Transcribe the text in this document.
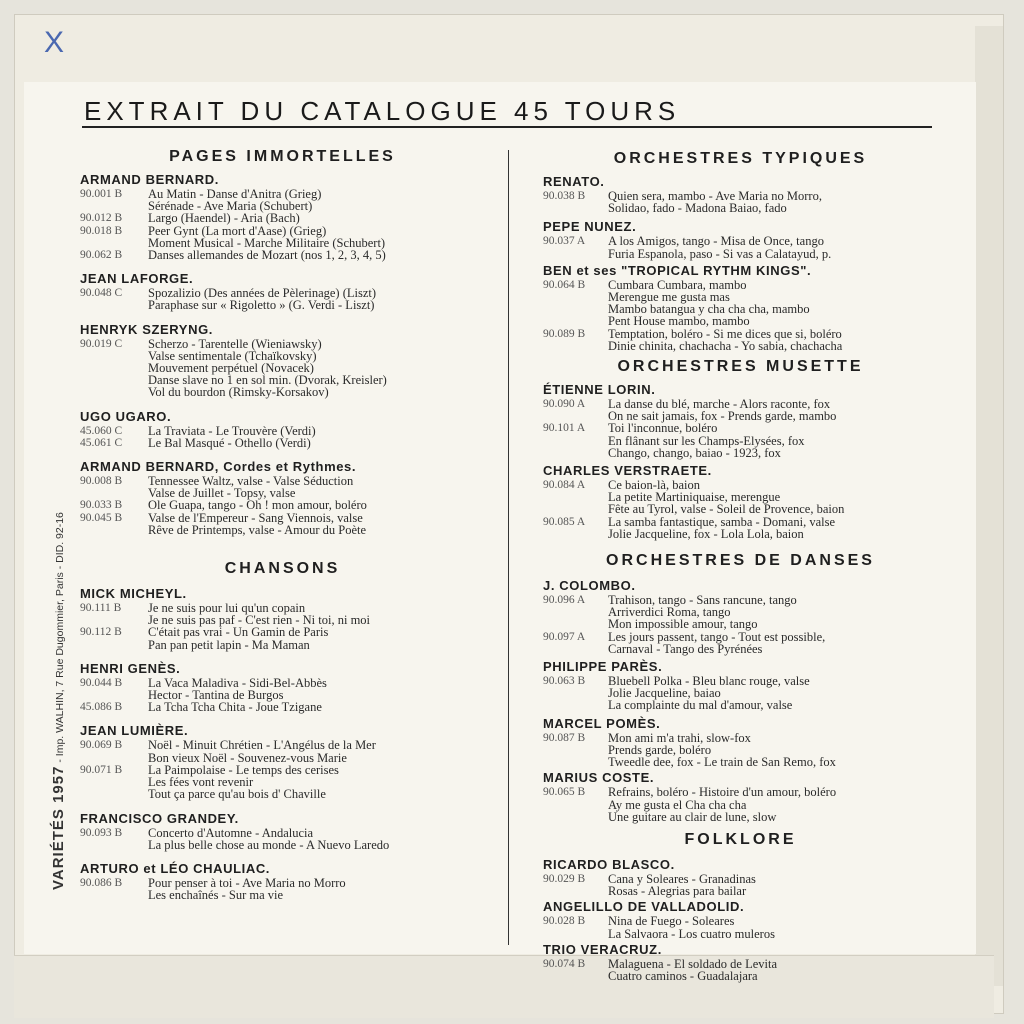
X
EXTRAIT DU CATALOGUE 45 TOURS
VARIÉTÉS 1957 - Imp. WALHIN, 7 Rue Dugommier, Paris - DID. 92-16
PAGES IMMORTELLES

ARMAND BERNARD.

90.001 B Au Matin - Danse d'Anitra (Grieg)
Sérénade - Ave Maria (Schubert)
90.012 B Largo (Haendel) - Aria (Bach)
90.018 B Peer Gynt (La mort d'Aase) (Grieg)
Moment Musical - Marche Militaire (Schubert)
90.062 B Danses allemandes de Mozart (nos 1, 2, 3, 4, 5)

JEAN LAFORGE.

90.048 C Spozalizio (Des années de Pèlerinage) (Liszt)
Paraphase sur « Rigoletto » (G. Verdi - Liszt)

HENRYK SZERYNG.

90.019 C Scherzo - Tarentelle (Wieniawsky)
Valse sentimentale (Tchaïkovsky)
Mouvement perpétuel (Novacek)
Danse slave no 1 en sol min. (Dvorak, Kreisler)
Vol du bourdon (Rimsky-Korsakov)

UGO UGARO.

45.060 C La Traviata - Le Trouvère (Verdi)
45.061 C Le Bal Masqué - Othello (Verdi)

ARMAND BERNARD, Cordes et Rythmes.

90.008 B Tennessee Waltz, valse - Valse Séduction
Valse de Juillet - Topsy, valse
90.033 B Ole Guapa, tango - Oh ! mon amour, boléro
90.045 B Valse de l'Empereur - Sang Viennois, valse
Rêve de Printemps, valse - Amour du Poète
CHANSONS

MICK MICHEYL.

90.111 B Je ne suis pour lui qu'un copain
Je ne suis pas paf - C'est rien - Ni toi, ni moi
90.112 B C'était pas vrai - Un Gamin de Paris
Pan pan petit lapin - Ma Maman

HENRI GENÈS.

90.044 B La Vaca Maladiva - Sidi-Bel-Abbès
Hector - Tantina de Burgos
45.086 B La Tcha Tcha Chita - Joue Tzigane

JEAN LUMIÈRE.

90.069 B Noël - Minuit Chrétien - L'Angélus de la Mer
Bon vieux Noël - Souvenez-vous Marie
90.071 B La Paimpolaise - Le temps des cerises
Les fées vont revenir
Tout ça parce qu'au bois d' Chaville

FRANCISCO GRANDEY.

90.093 B Concerto d'Automne - Andalucia
La plus belle chose au monde - A Nuevo Laredo

ARTURO et LÉO CHAULIAC.

90.086 B Pour penser à toi - Ave Maria no Morro
Les enchaînés - Sur ma vie
ORCHESTRES TYPIQUES

RENATO.

90.038 B Quien sera, mambo - Ave Maria no Morro,
Solidao, fado - Madona Baiao, fado

PEPE NUNEZ.

90.037 A A los Amigos, tango - Misa de Once, tango
Furia Espanola, paso - Si vas a Calatayud, p.

BEN et ses "TROPICAL RYTHM KINGS".

90.064 B Cumbara Cumbara, mambo
Merengue me gusta mas
Mambo batangua y cha cha cha, mambo
Pent House mambo, mambo
90.089 B Temptation, boléro - Si me dices que si, boléro
Dinie chinita, chachacha - Yo sabia, chachacha
ORCHESTRES MUSETTE

ÉTIENNE LORIN.

90.090 A La danse du blé, marche - Alors raconte, fox
On ne sait jamais, fox - Prends garde, mambo
90.101 A Toi l'inconnue, boléro
En flânant sur les Champs-Elysées, fox
Chango, chango, baiao - 1923, fox

CHARLES VERSTRAETE.

90.084 A Ce baion-là, baion
La petite Martiniquaise, merengue
Fête au Tyrol, valse - Soleil de Provence, baion
90.085 A La samba fantastique, samba - Domani, valse
Jolie Jacqueline, fox - Lola Lola, baion
ORCHESTRES DE DANSES

J. COLOMBO.

90.096 A Trahison, tango - Sans rancune, tango
Arriverdici Roma, tango
Mon impossible amour, tango
90.097 A Les jours passent, tango - Tout est possible,
Carnaval - Tango des Pyrénées

PHILIPPE PARÈS.

90.063 B Bluebell Polka - Bleu blanc rouge, valse
Jolie Jacqueline, baiao
La complainte du mal d'amour, valse

MARCEL POMÈS.

90.087 B Mon ami m'a trahi, slow-fox
Prends garde, boléro
Tweedle dee, fox - Le train de San Remo, fox

MARIUS COSTE.

90.065 B Refrains, boléro - Histoire d'un amour, boléro
Ay me gusta el Cha cha cha
Une guitare au clair de lune, slow
FOLKLORE

RICARDO BLASCO.

90.029 B Cana y Soleares - Granadinas
Rosas - Alegrias para bailar

ANGELILLO DE VALLADOLID.

90.028 B Nina de Fuego - Soleares
La Salvaora - Los cuatro muleros

TRIO VERACRUZ.

90.074 B Malaguena - El soldado de Levita
Cuatro caminos - Guadalajara
